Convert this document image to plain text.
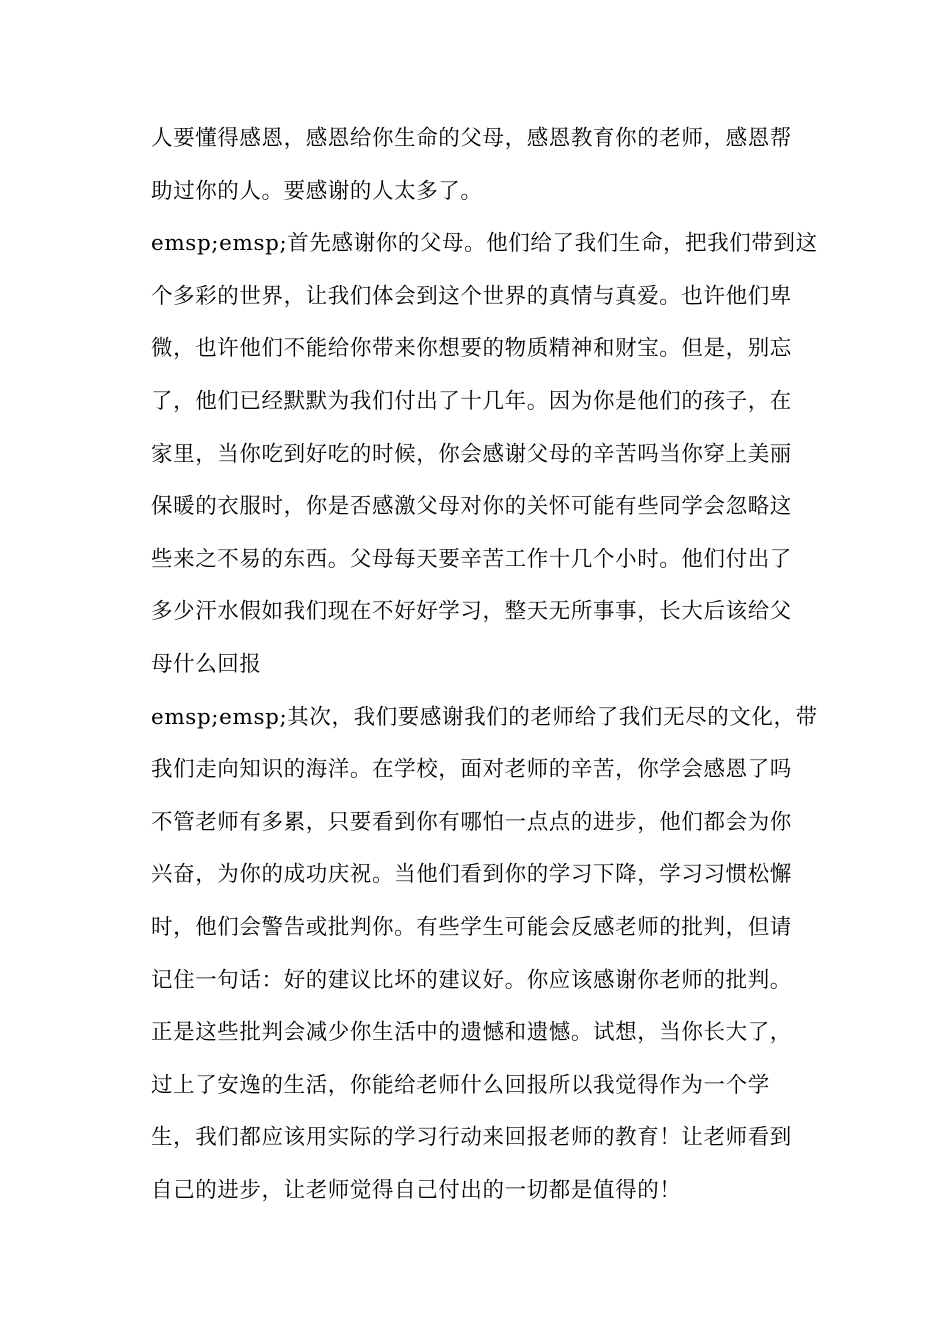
人要懂得感恩，感恩给你生命的父母，感恩教育你的老师，感恩帮
助过你的人。要感谢的人太多了。
emsp;emsp;首先感谢你的父母。他们给了我们生命，把我们带到这
个多彩的世界，让我们体会到这个世界的真情与真爱。也许他们卑
微，也许他们不能给你带来你想要的物质精神和财宝。但是，别忘
了，他们已经默默为我们付出了十几年。因为你是他们的孩子，在
家里，当你吃到好吃的时候，你会感谢父母的辛苦吗当你穿上美丽
保暖的衣服时，你是否感激父母对你的关怀可能有些同学会忽略这
些来之不易的东西。父母每天要辛苦工作十几个小时。他们付出了
多少汗水假如我们现在不好好学习，整天无所事事，长大后该给父
母什么回报
emsp;emsp;其次，我们要感谢我们的老师给了我们无尽的文化，带
我们走向知识的海洋。在学校，面对老师的辛苦，你学会感恩了吗
不管老师有多累，只要看到你有哪怕一点点的进步，他们都会为你
兴奋，为你的成功庆祝。当他们看到你的学习下降，学习习惯松懈
时，他们会警告或批判你。有些学生可能会反感老师的批判，但请
记住一句话：好的建议比坏的建议好。你应该感谢你老师的批判。
正是这些批判会减少你生活中的遗憾和遗憾。试想，当你长大了，
过上了安逸的生活，你能给老师什么回报所以我觉得作为一个学
生，我们都应该用实际的学习行动来回报老师的教育！让老师看到
自己的进步，让老师觉得自己付出的一切都是值得的！
